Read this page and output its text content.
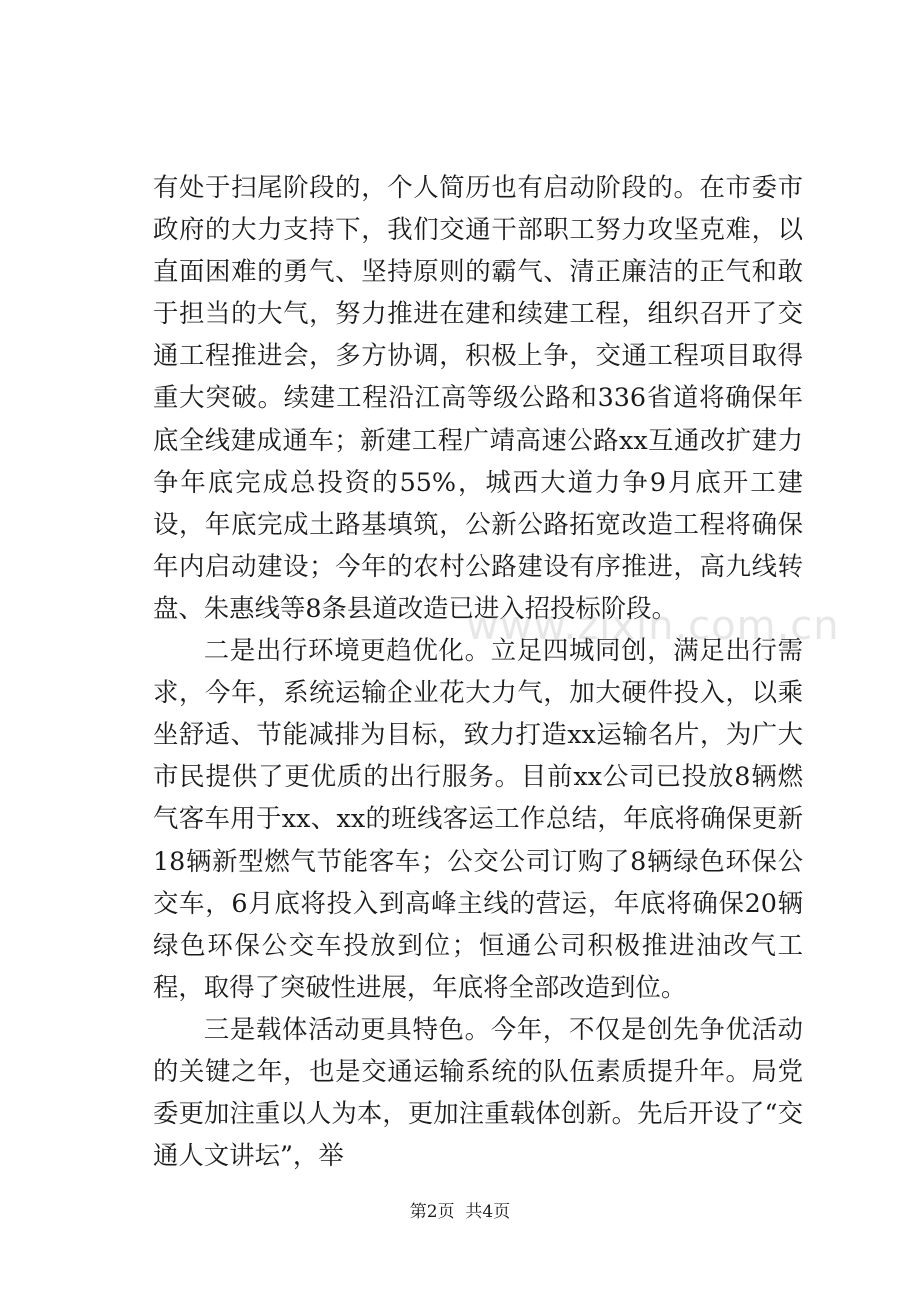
有处于扫尾阶段的，个人简历也有启动阶段的。在市委市政府的大力支持下，我们交通干部职工努力攻坚克难，以直面困难的勇气、坚持原则的霸气、清正廉洁的正气和敢于担当的大气，努力推进在建和续建工程，组织召开了交通工程推进会，多方协调，积极上争，交通工程项目取得重大突破。续建工程沿江高等级公路和336省道将确保年底全线建成通车；新建工程广靖高速公路xx互通改扩建力争年底完成总投资的55%，城西大道力争9月底开工建设，年底完成土路基填筑，公新公路拓宽改造工程将确保年内启动建设；今年的农村公路建设有序推进，高九线转盘、朱惠线等8条县道改造已进入招投标阶段。

二是出行环境更趋优化。立足四城同创，满足出行需求，今年，系统运输企业花大力气，加大硬件投入，以乘坐舒适、节能减排为目标，致力打造xx运输名片，为广大市民提供了更优质的出行服务。目前xx公司已投放8辆燃气客车用于xx、xx的班线客运工作总结，年底将确保更新18辆新型燃气节能客车；公交公司订购了8辆绿色环保公交车，6月底将投入到高峰主线的营运，年底将确保20辆绿色环保公交车投放到位；恒通公司积极推进油改气工程，取得了突破性进展，年底将全部改造到位。

三是载体活动更具特色。今年，不仅是创先争优活动的关键之年，也是交通运输系统的队伍素质提升年。局党委更加注重以人为本，更加注重载体创新。先后开设了“交通人文讲坛”，举

www.zixin.com.cn
第2页  共4页
